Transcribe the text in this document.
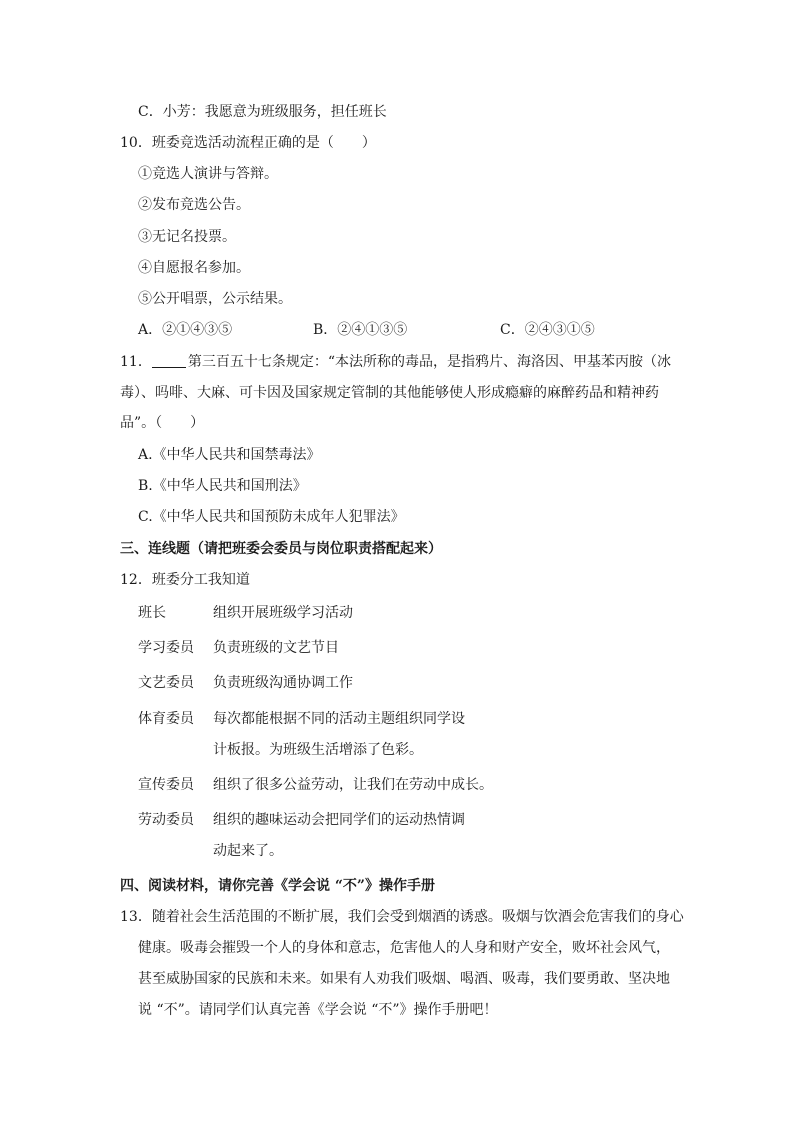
C．小芳：我愿意为班级服务，担任班长
10．班委竞选活动流程正确的是（　　）
①竞选人演讲与答辩。
②发布竞选公告。
③无记名投票。
④自愿报名参加。
⑤公开唱票，公示结果。
A．②①④③⑤	B．②④①③⑤	C．②④③①⑤
11．	第三百五十七条规定：“本法所称的毒品，是指鸦片、海洛因、甲基苯丙胺（冰
毒）、吗啡、大麻、可卡因及国家规定管制的其他能够使人形成瘾癖的麻醉药品和精神药
品”。（　　）
A.《中华人民共和国禁毒法》
B.《中华人民共和国刑法》
C.《中华人民共和国预防未成年人犯罪法》
三、连线题（请把班委会委员与岗位职责搭配起来）
12．班委分工我知道
班长	组织开展班级学习活动
学习委员 负责班级的文艺节目
文艺委员 负责班级沟通协调工作
体育委员 每次都能根据不同的活动主题组织同学设
计板报。为班级生活增添了色彩。
宣传委员 组织了很多公益劳动，让我们在劳动中成长。
劳动委员 组织的趣味运动会把同学们的运动热情调
动起来了。
四、阅读材料，请你完善《学会说 “不”》操作手册
13．随着社会生活范围的不断扩展，我们会受到烟酒的诱惑。吸烟与饮酒会危害我们的身心
健康。吸毒会摧毁一个人的身体和意志，危害他人的人身和财产安全，败坏社会风气，
甚至威胁国家的民族和未来。如果有人劝我们吸烟、喝酒、吸毒，我们要勇敢、坚决地
说 “不”。请同学们认真完善《学会说 “不”》操作手册吧！
